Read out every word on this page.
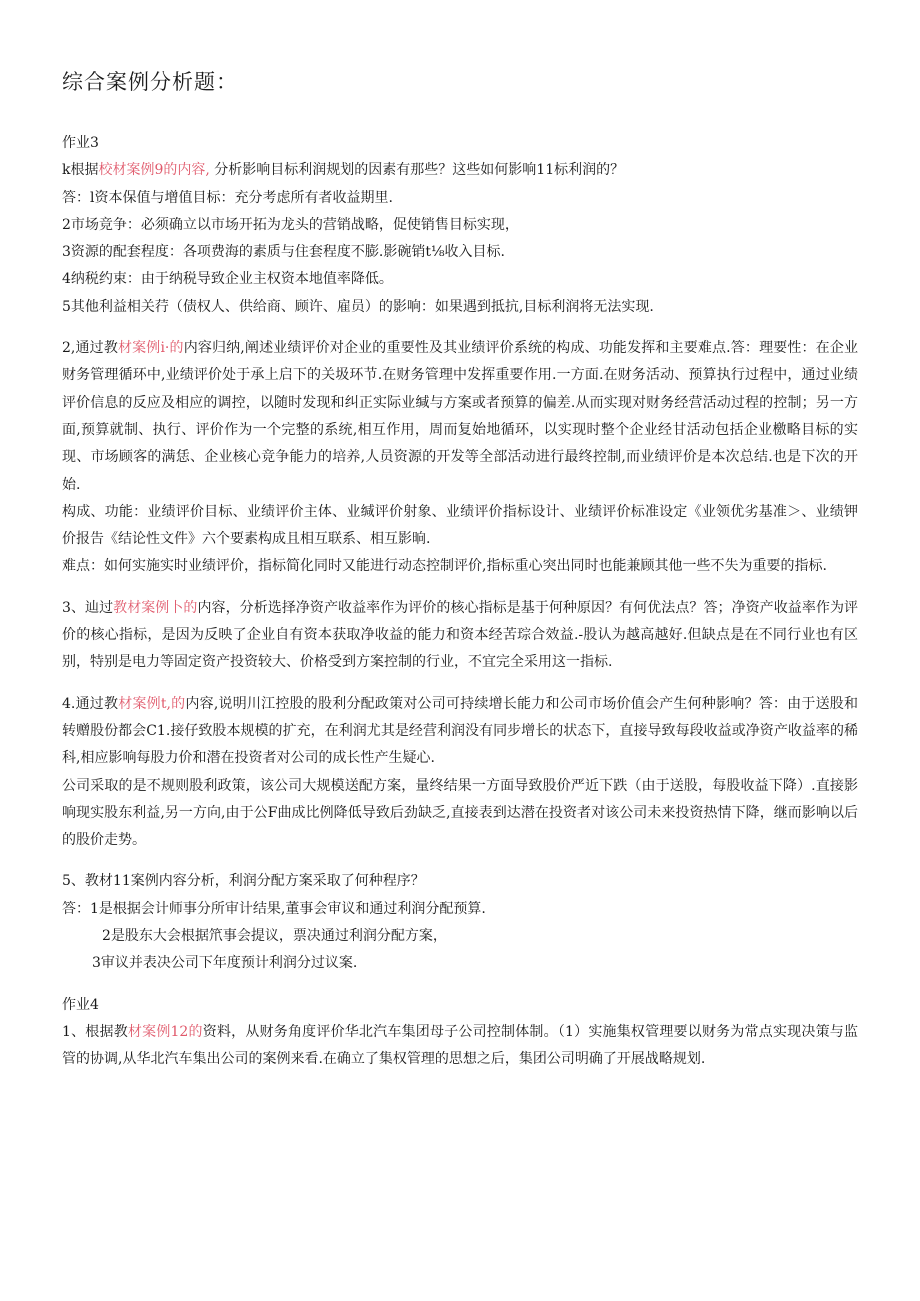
综合案例分析题：

作业3

k根据校材案例9的内容, 分析影响目标利润规划的因素有那些？这些如何影响11标利润的？

答：l资本保值与增值目标：充分考虑所有者收益期里.

2市场竞争：必须确立以市场开拓为龙头的营销战略，促使销售目标实现，

3资源的配套程度：各项费海的素质与住套程度不膨.影碗销t⅛收入目标.

4纳税约束：由于纳税导致企业主权资本地值率降低。

5其他利益相关荇（债权人、供给商、顾许、雇员）的影响：如果遇到抵抗,目标利润将无法实现.

2,通过教材案例i·的内容归纳,阐述业绩评价对企业的重要性及其业绩评价系统的构成、功能发挥和主要难点.答：理要性：在企业财务管理循环中,业绩评价处于承上启下的关圾环节.在财务管理中发挥重要作用.一方面.在财务活动、预算执行过程中，通过业绩评价信息的反应及相应的调控，以随时发现和纠正实际业缄与方案或者预算的偏差.从而实现对财务经营活动过程的控制；另一方面,预算就制、执行、评价作为一个完整的系统,相互作用，周而复始地循环，以实现时整个企业经甘活动包括企业檄略目标的实现、市场顾客的满恁、企业核心竞争能力的培养,人员资源的开发等全部活动进行最终控制,而业绩评价是本次总结.也是下次的开始.

构成、功能：业绩评价目标、业绩评价主体、业缄评价射象、业绩评价指标设计、业绩评价标准设定《业领优劣基准＞、业绩钾价报告《结论性文件》六个要素构成且相互联系、相互影晌.

难点：如何实施实时业绩评价，指标简化同时又能进行动态控制评价,指标重心突出同时也能兼顾其他一些不失为重要的指标.

3、辿过教材案例卜的内容，分析选择净资产收益率作为评价的核心指标是基于何种原因？有何优法点？答；净资产收益率作为评价的核心指标，是因为反映了企业自有资本获取净收益的能力和资本经苦琮合效益.-股认为越高越好.但缺点是在不同行业也有区别，特别是电力等固定资产投资较大、价格受到方案控制的行业，不宜完全采用这一指标.

4.通过教材案例t,的内容,说明川江控股的股利分配政策对公司可持续增长能力和公司市场价值会产生何种影响？答：由于送股和转赠股份都会C1.接仔致股本规模的扩充，在利润尤其是经营利润没有同步增长的状态下，直接导致每段收益或净资产收益率的稀科,相应影响每股力价和潜在投资者对公司的成长性产生疑心.

公司采取的是不规则股利政策，该公司大规模送配方案，量终结果一方面导致股价严近下跌（由于送股，每股收益下降）.直接影响现实股东利益,另一方向,由于公F曲成比例降低导致后劲缺乏,直接表到达潜在投资者对该公司未来投资热情下降，继而影响以后的股价走势。

5、教材11案例内容分析，利润分配方案采取了何种程序？

答：1是根据会计师事分所审计结果,董事会审议和通过利润分配预算.

2是股东大会根据笊事会提议，票决通过利润分配方案，

3审议并表决公司下年度预计利润分过议案.

作业4

1、根据教材案例12的资料，从财务角度评价华北汽车集团母子公司控制体制。（1）实施集权管理要以财务为常点实现决策与监管的协调,从华北汽车集出公司的案例来看.在确立了集权管理的思想之后，集团公司明确了开展战略规划.
